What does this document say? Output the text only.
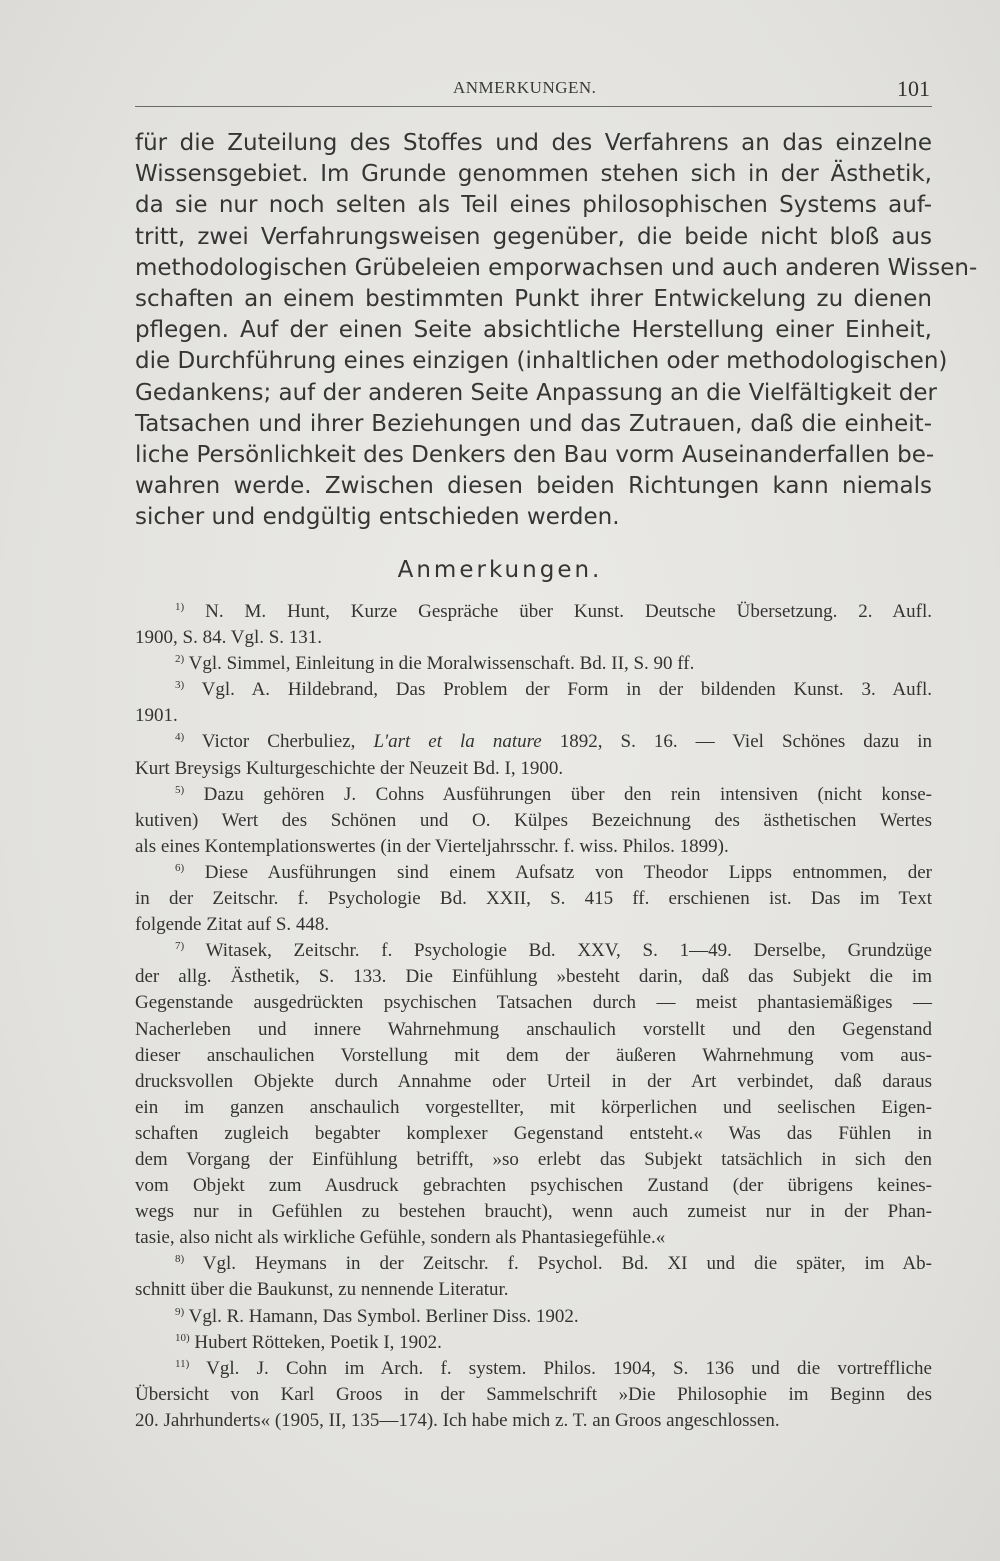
ANMERKUNGEN.	101
für die Zuteilung des Stoffes und des Verfahrens an das einzelne
Wissensgebiet. Im Grunde genommen stehen sich in der Ästhetik,
da sie nur noch selten als Teil eines philosophischen Systems auf-
tritt, zwei Verfahrungsweisen gegenüber, die beide nicht bloß aus
methodologischen Grübeleien emporwachsen und auch anderen Wissen-
schaften an einem bestimmten Punkt ihrer Entwickelung zu dienen
pflegen. Auf der einen Seite absichtliche Herstellung einer Einheit,
die Durchführung eines einzigen (inhaltlichen oder methodologischen)
Gedankens; auf der anderen Seite Anpassung an die Vielfältigkeit der
Tatsachen und ihrer Beziehungen und das Zutrauen, daß die einheit-
liche Persönlichkeit des Denkers den Bau vorm Auseinanderfallen be-
wahren werde. Zwischen diesen beiden Richtungen kann niemals
sicher und endgültig entschieden werden.
Anmerkungen.
$^{1)}$ N. M. Hunt, Kurze Gespräche über Kunst. Deutsche Übersetzung. 2. Aufl.
1900, S. 84. Vgl. S. 131.
$^{2)}$ Vgl. Simmel, Einleitung in die Moralwissenschaft. Bd. II, S. 90 ff.
$^{3)}$ Vgl. A. Hildebrand, Das Problem der Form in der bildenden Kunst. 3. Aufl.
1901.
$^{4)}$ Victor Cherbuliez, L'art et la nature 1892, S. 16. — Viel Schönes dazu in
Kurt Breysigs Kulturgeschichte der Neuzeit Bd. I, 1900.
$^{5)}$ Dazu gehören J. Cohns Ausführungen über den rein intensiven (nicht konse-
kutiven) Wert des Schönen und O. Külpes Bezeichnung des ästhetischen Wertes
als eines Kontemplationswertes (in der Vierteljahrsschr. f. wiss. Philos. 1899).
$^{6)}$ Diese Ausführungen sind einem Aufsatz von Theodor Lipps entnommen, der
in der Zeitschr. f. Psychologie Bd. XXII, S. 415 ff. erschienen ist. Das im Text
folgende Zitat auf S. 448.
$^{7)}$ Witasek, Zeitschr. f. Psychologie Bd. XXV, S. 1—49. Derselbe, Grundzüge
der allg. Ästhetik, S. 133. Die Einfühlung »besteht darin, daß das Subjekt die im
Gegenstande ausgedrückten psychischen Tatsachen durch — meist phantasiemäßiges —
Nacherleben und innere Wahrnehmung anschaulich vorstellt und den Gegenstand
dieser anschaulichen Vorstellung mit dem der äußeren Wahrnehmung vom aus-
drucksvollen Objekte durch Annahme oder Urteil in der Art verbindet, daß daraus
ein im ganzen anschaulich vorgestellter, mit körperlichen und seelischen Eigen-
schaften zugleich begabter komplexer Gegenstand entsteht.« Was das Fühlen in
dem Vorgang der Einfühlung betrifft, »so erlebt das Subjekt tatsächlich in sich den
vom Objekt zum Ausdruck gebrachten psychischen Zustand (der übrigens keines-
wegs nur in Gefühlen zu bestehen braucht), wenn auch zumeist nur in der Phan-
tasie, also nicht als wirkliche Gefühle, sondern als Phantasiegefühle.«
$^{8)}$ Vgl. Heymans in der Zeitschr. f. Psychol. Bd. XI und die später, im Ab-
schnitt über die Baukunst, zu nennende Literatur.
$^{9)}$ Vgl. R. Hamann, Das Symbol. Berliner Diss. 1902.
$^{10)}$ Hubert Rötteken, Poetik I, 1902.
$^{11)}$ Vgl. J. Cohn im Arch. f. system. Philos. 1904, S. 136 und die vortreffliche
Übersicht von Karl Groos in der Sammelschrift »Die Philosophie im Beginn des
20. Jahrhunderts« (1905, II, 135—174). Ich habe mich z. T. an Groos angeschlossen.
